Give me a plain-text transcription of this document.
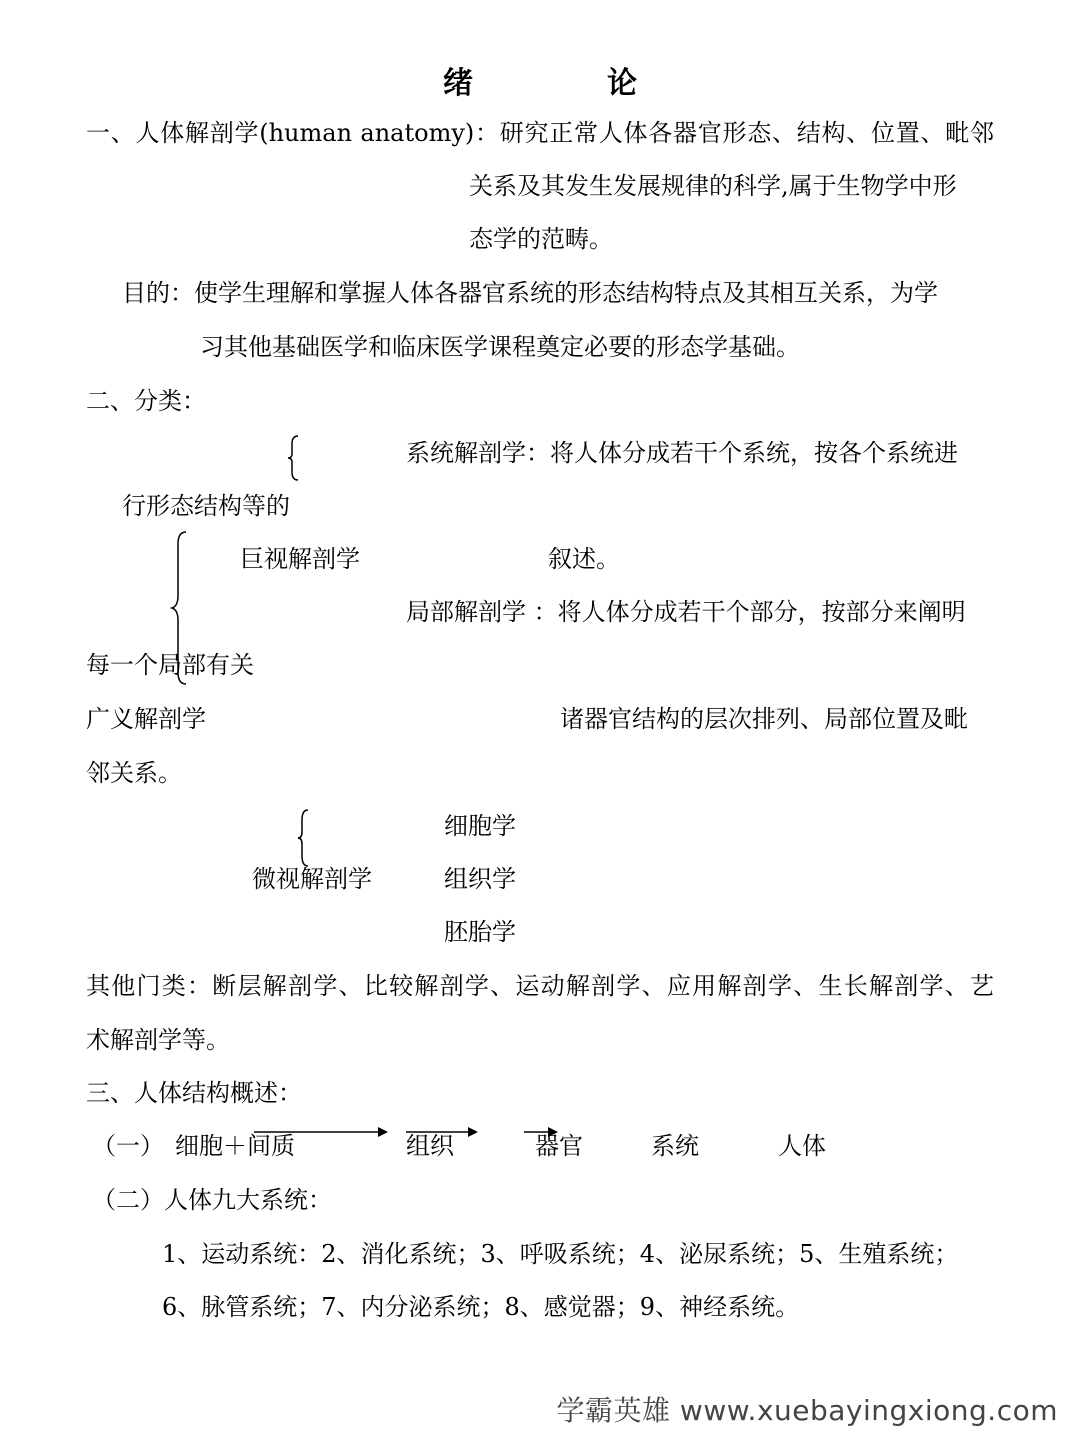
绪　论
一、人体解剖学(human anatomy)：研究正常人体各器官形态、结构、位置、毗邻
关系及其发生发展规律的科学,属于生物学中形
态学的范畴。
目的：使学生理解和掌握人体各器官系统的形态结构特点及其相互关系，为学
习其他基础医学和临床医学课程奠定必要的形态学基础。
二、分类：
系统解剖学：将人体分成若干个系统，按各个系统进
行形态结构等的
巨视解剖学	叙述。
局部解剖学 ：将人体分成若干个部分，按部分来阐明
每一个局部有关
广义解剖学	诸器官结构的层次排列、局部位置及毗
邻关系。
细胞学
微视解剖学	组织学
胚胎学
其他门类：断层解剖学、比较解剖学、运动解剖学、应用解剖学、生长解剖学、艺
术解剖学等。
三、人体结构概述：
（一） 细胞＋间质	组织	器官	系统	人体
（二）人体九大系统：
1、运动系统：2、消化系统；3、呼吸系统；4、泌尿系统；5、生殖系统；
6、脉管系统；7、内分泌系统；8、感觉器；9、神经系统。
学霸英雄 www.xuebayingxiong.com
